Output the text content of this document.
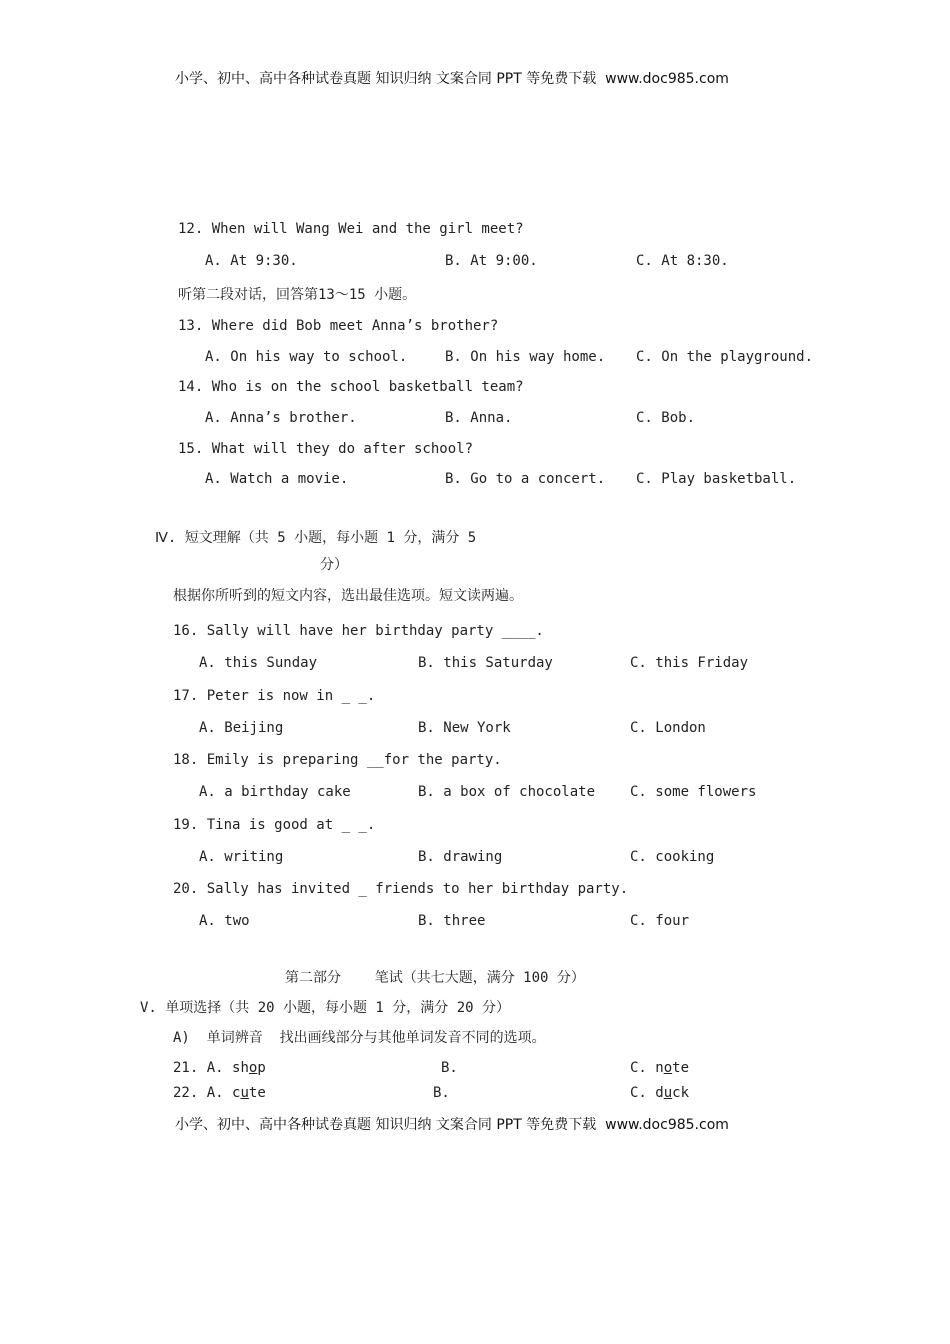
小学、初中、高中各种试卷真题 知识归纳 文案合同 PPT 等免费下载 www.doc985.com
12. When will Wang Wei and the girl meet?
A. At 9:30.	B. At 9:00.	C. At 8:30.
听第二段对话，回答第13～15 小题。
13. Where did Bob meet Anna’s brother?
A. On his way to school.	B. On his way home. C. On the playground.
14. Who is on the school basketball team?
A. Anna’s brother.	B. Anna.	C. Bob.
15. What will they do after school?
A. Watch a movie.	B. Go to a concert. C. Play basketball.
Ⅳ. 短文理解（共 5 小题，每小题 1 分，满分 5
分）
根据你所听到的短文内容，选出最佳选项。短文读两遍。
16. Sally will have her birthday party ____.
A. this Sunday	B. this Saturday	C. this Friday
17. Peter is now in _ _.
A. Beijing	B. New York	C. London
18. Emily is preparing __for the party.
A. a birthday cake	B. a box of chocolate C. some flowers
19. Tina is good at _ _.
A. writing	B. drawing	C. cooking
20. Sally has invited _ friends to her birthday party.
A. two	B. three	C. four
第二部分    笔试（共七大题，满分 100 分）
V. 单项选择（共 20 小题，每小题 1 分，满分 20 分）
A)  单词辨音  找出画线部分与其他单词发音不同的选项。
21. A. shop	B.	C. note
22. A. cute	B.	C. duck
小学、初中、高中各种试卷真题 知识归纳 文案合同 PPT 等免费下载 www.doc985.com
